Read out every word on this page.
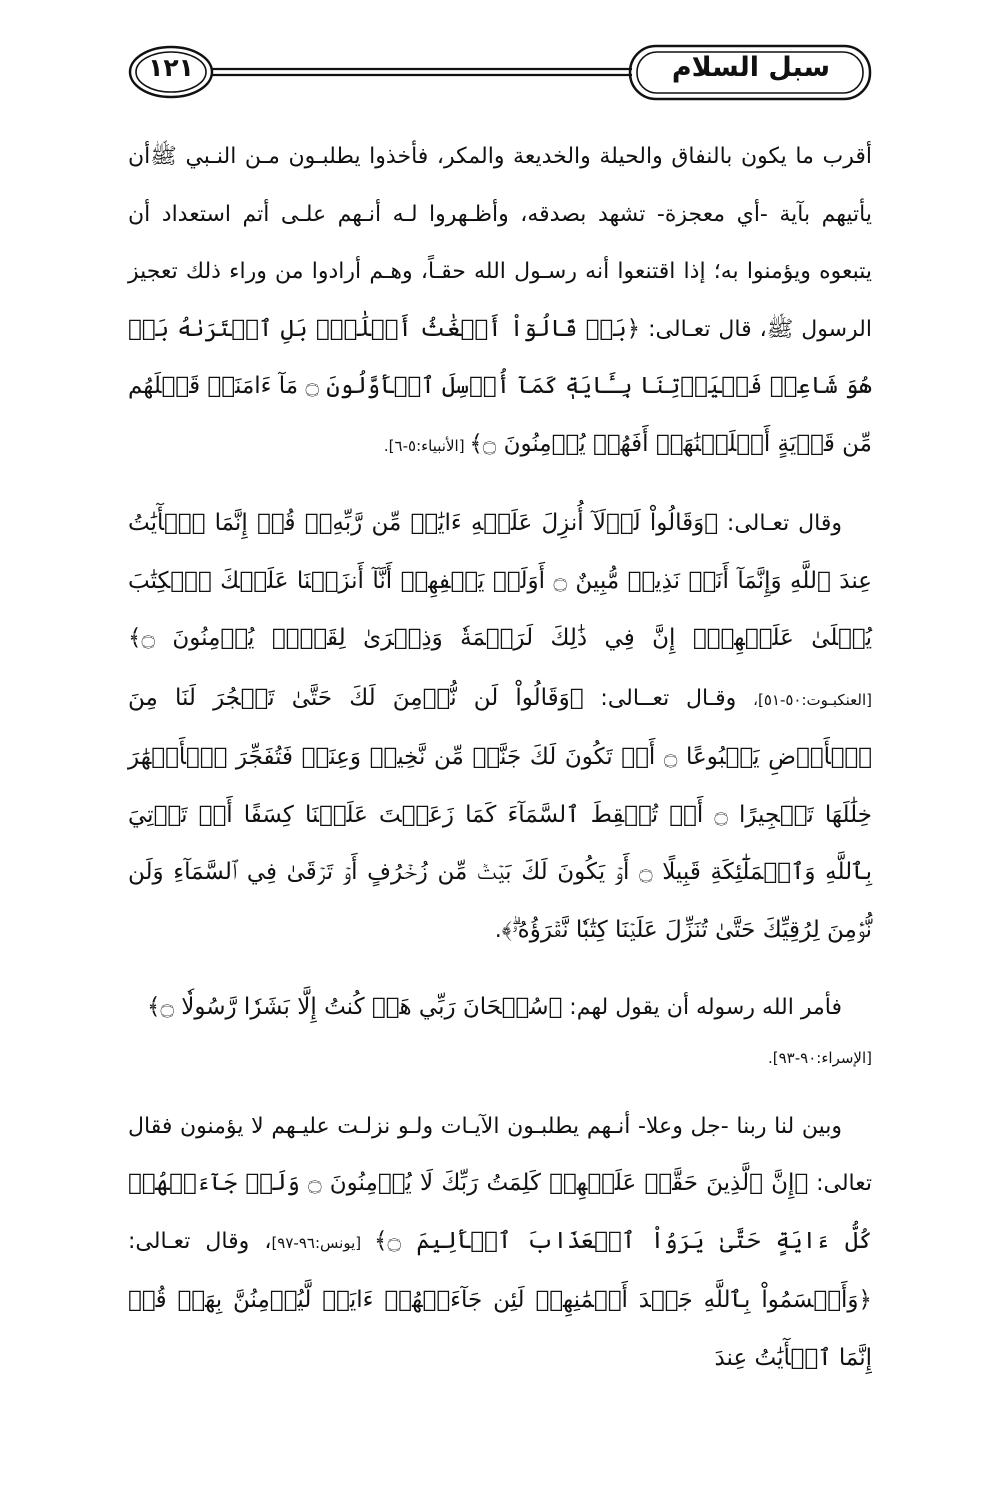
سبل السلام
١٢١

أقرب ما يكون بالنفاق والحيلة والخديعة والمكر، فأخذوا يطلبـون مـن النـبي ﷺأن يأتيهم بآية -أي معجزة- تشهد بصدقه، وأظـهروا لـه أنـهم علـى أتم استعداد أن يتبعوه ويؤمنوا به؛ إذا اقتنعوا أنه رسـول الله حقـاً، وهـم أرادوا من وراء ذلك تعجيز الرسول ﷺ، قال تعـالى: ﴿بَلۡ قَالُوٓاْ أَضۡغَٰثُ أَحۡلَٰمِۭ بَلِ ٱفۡتَرَىٰهُ بَلۡ هُوَ شَاعِرٞ فَلۡيَأۡتِنَا بِـَٔايَةٖ كَمَآ أُرۡسِلَ ٱلۡأَوَّلُونَ ۝ مَآ ءَامَنَتۡ قَبۡلَهُم مِّن قَرۡيَةٍ أَهۡلَكۡنَٰهَآۖ أَفَهُمۡ يُؤۡمِنُونَ ۝﴾ [الأنبياء:٥-٦].

وقال تعـالى: ﴿وَقَالُواْ لَوۡلَآ أُنزِلَ عَلَيۡهِ ءَايَٰتٞ مِّن رَّبِّهِۦۖ قُلۡ إِنَّمَا ٱلۡأٓيَٰتُ عِندَ ٱللَّهِ وَإِنَّمَآ أَنَا۠ نَذِيرٞ مُّبِينٌ ۝ أَوَلَمۡ يَكۡفِهِمۡ أَنَّآ أَنزَلۡنَا عَلَيۡكَ ٱلۡكِتَٰبَ يُتۡلَىٰ عَلَيۡهِمۡۚ إِنَّ فِي ذَٰلِكَ لَرَحۡمَةٗ وَذِكۡرَىٰ لِقَوۡمٖ يُؤۡمِنُونَ ۝﴾ [العنكبـوت:٥٠-٥١]، وقـال تعــالى: ﴿وَقَالُواْ لَن نُّؤۡمِنَ لَكَ حَتَّىٰ تَفۡجُرَ لَنَا مِنَ ٱلۡأَرۡضِ يَنۢبُوعًا ۝ أَوۡ تَكُونَ لَكَ جَنَّةٞ مِّن نَّخِيلٖ وَعِنَبٖ فَتُفَجِّرَ ٱلۡأَنۡهَٰرَ خِلَٰلَهَا تَفۡجِيرًا ۝ أَوۡ تُسۡقِطَ ٱلسَّمَآءَ كَمَا زَعَمۡتَ عَلَيۡنَا كِسَفًا أَوۡ تَأۡتِيَ بِٱللَّهِ وَٱلۡمَلَٰٓئِكَةِ قَبِيلًا ۝ أَوۡ يَكُونَ لَكَ بَيۡتٞ مِّن زُخۡرُفٍ أَوۡ تَرۡقَىٰ فِي ٱلسَّمَآءِ وَلَن نُّؤۡمِنَ لِرُقِيِّكَ حَتَّىٰ تُنَزِّلَ عَلَيۡنَا كِتَٰبٗا نَّقۡرَؤُهُۥۗ﴾.

فأمر الله رسوله أن يقول لهم: ﴿سُبۡحَانَ رَبِّي هَلۡ كُنتُ إِلَّا بَشَرٗا رَّسُولٗا ۝﴾

[الإسراء:٩٠-٩٣].

وبين لنا ربنا -جل وعلا- أنـهم يطلبـون الآيـات ولـو نزلـت عليـهم لا يؤمنون فقال تعالى: ﴿إِنَّ ٱلَّذِينَ حَقَّتۡ عَلَيۡهِمۡ كَلِمَتُ رَبِّكَ لَا يُؤۡمِنُونَ ۝ وَلَوۡ جَآءَتۡهُمۡ كُلُّ ءَايَةٍ حَتَّىٰ يَرَوُاْ ٱلۡعَذَابَ ٱلۡأَلِيمَ ۝﴾ [يونس:٩٦-٩٧]، وقال تعـالى: ﴿وَأَقۡسَمُواْ بِٱللَّهِ جَهۡدَ أَيۡمَٰنِهِمۡ لَئِن جَآءَتۡهُمۡ ءَايَةٞ لَّيُؤۡمِنُنَّ بِهَاۚ قُلۡ إِنَّمَا ٱلۡأٓيَٰتُ عِندَ
